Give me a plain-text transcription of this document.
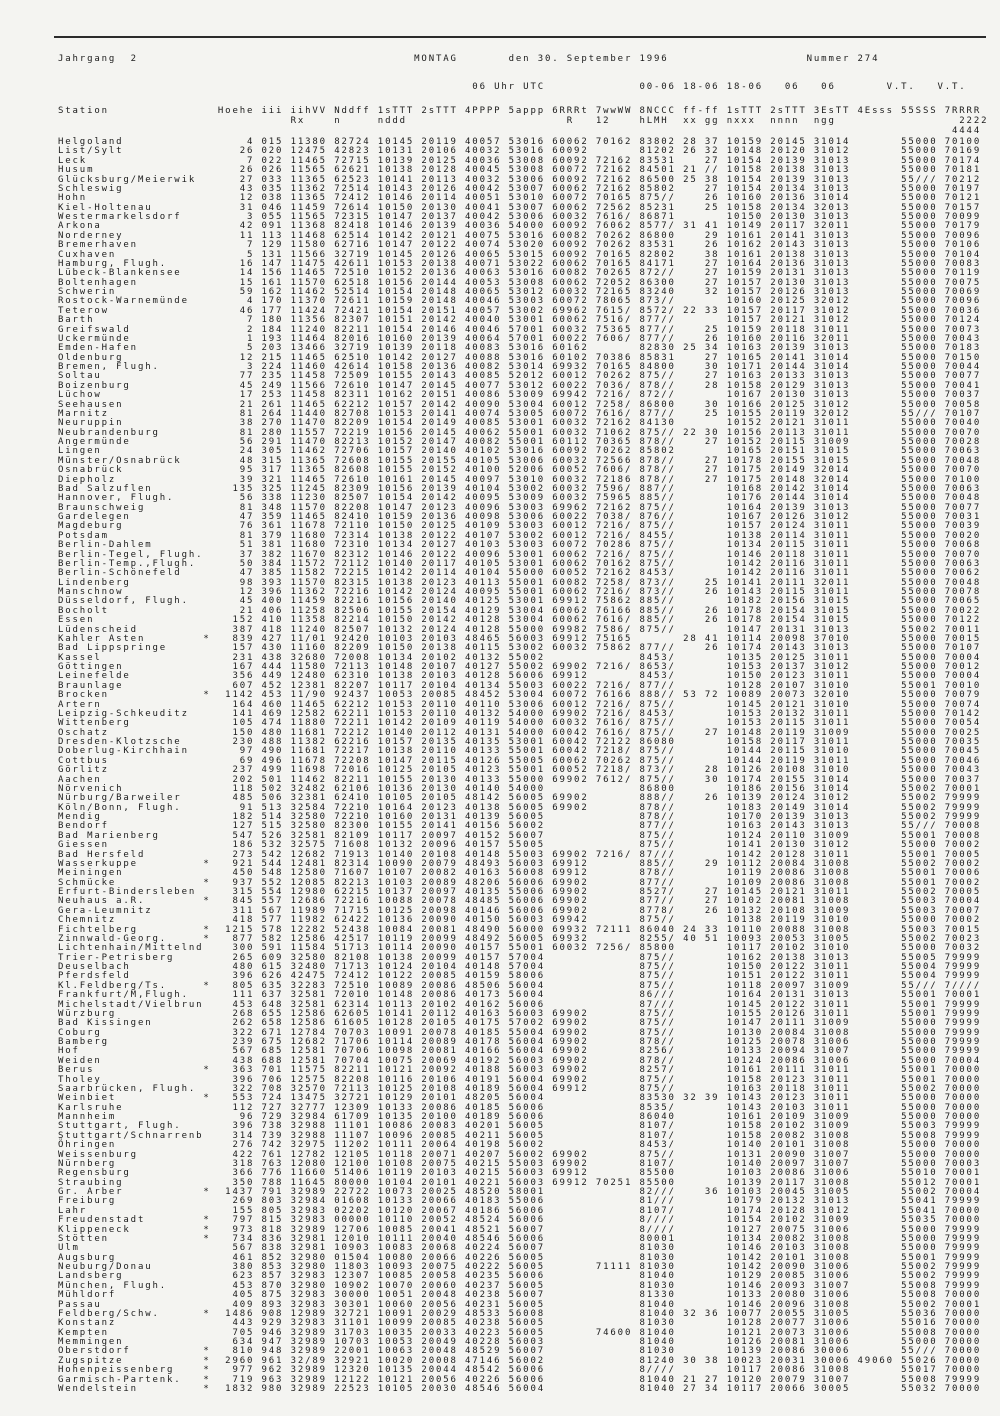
Jahrgang  2                                      MONTAG       den 30. September 1996                   Nummer 274
06 Uhr UTC             00-06 18-06 18-06   06   06       V.T.   V.T.
Station               Hoehe iii iihVV Nddff 1sTTT 2sTTT 4PPPP 5appp 6RRRt 7wwWW 8NCCC ff-ff 1sTTT 2sTTT 3EsTT 4Esss 55SSS 7RRRR
Rx    n     nddd                      R   12    hLMH  xx gg nxxx  nnnn  ngg                 2222
4444
Helgoland                 4 015 11380 82724 10145 20119 40057 53016 60062 70162 83802 28 37 10159 20145 31014       55000 70100
List/Sylt                26 020 12475 42823 10131 20106 40032 53016 60092       81202 26 32 10148 20120 31012       55000 70169
Leck                      7 022 11465 72715 10139 20125 40036 53008 60092 72162 83531    27 10154 20139 31013       55000 70174
Husum                    26 026 11565 62621 10138 20128 40045 53008 60072 72162 84501 21 // 10158 20138 31013       55000 70181
Glücksburg/Meierwik      27 033 11365 62523 10141 20113 40032 53006 60092 72162 86500 25 38 10154 20139 31013       55/// 70212
Schleswig                43 035 11362 72514 10143 20126 40042 53007 60062 72162 85802    27 10154 20134 31013       55000 70197
Hohn                     12 038 11365 72412 10146 20114 40051 53010 60072 70165 875//    26 10160 20136 31014       55000 70121
Kiel-Holtenau            31 046 11459 72614 10150 20130 40041 53007 60062 72562 85231    25 10158 20134 32013       55000 70157
Westermarkelsdorf         3 055 11565 72315 10147 20137 40042 53006 60032 7616/ 86871       10150 20130 31013       55000 70099
Arkona                   42 091 11368 82418 10146 20139 40036 54000 60092 76062 8577/ 31 41 10149 20117 32011       55000 70179
Norderney                11 113 11468 62514 10142 20121 40075 53016 60082 70262 86800    29 10161 20141 31013       55000 70096
Bremerhaven               7 129 11580 62716 10147 20122 40074 53020 60092 70262 83531    26 10162 20143 31013       55000 70106
Cuxhaven                  5 131 11566 32719 10145 20126 40065 53015 60092 70165 82802    38 10161 20138 31013       55000 70104
Hamburg, Flugh.          16 147 11475 42611 10153 20138 40071 53022 60062 70165 84171    27 10164 20136 31013       55000 70083
Lübeck-Blankensee        14 156 11465 72510 10152 20136 40063 53016 60082 70265 872//    27 10159 20131 31013       55000 70119
Boltenhagen              15 161 11570 62518 10156 20144 40053 53008 60062 72052 86300    27 10157 20130 31013       55000 70075
Schwerin                 59 162 11462 52514 10154 20148 40065 53012 60032 72165 83240    32 10157 20126 31013       55000 70069
Rostock-Warnemünde        4 170 11370 72611 10159 20148 40046 53003 60072 78065 873//       10160 20125 32012       55000 70096
Teterow                  46 177 11424 72421 10154 20151 40057 53002 69962 7615/ 8572/ 22 33 10157 20117 31012       55000 70036
Barth                     7 180 11356 82307 10151 20142 40040 53001 60062 7516/ 877//       10157 20121 31012       55000 70124
Greifswald                2 184 11240 82211 10154 20146 40046 57001 60032 75365 877//    25 10159 20118 31011       55000 70073
Uckermünde                1 193 11464 82016 10160 20139 40064 57001 60022 7606/ 877//    26 10160 20116 32011       55000 70043
Emden-Hafen               5 203 13466 32719 10139 20118 40083 53016 60162       82830 25 34 10163 20139 31013       55000 70183
Oldenburg                12 215 11465 62510 10142 20127 40088 53016 60102 70386 85831    27 10165 20141 31014       55000 70150
Bremen, Flugh.            3 224 11460 42614 10158 20136 40082 53014 69932 70165 84800    30 10171 20144 31014       55000 70044
Soltau                   77 235 11458 72509 10155 20143 40085 52012 60012 70262 875//    27 10163 20133 31013       55000 70077
Boizenburg               45 249 11566 72610 10147 20145 40077 53012 60022 7036/ 878//    28 10158 20129 31013       55000 70041
Lüchow                   17 253 11458 82311 10162 20151 40086 53009 69942 7216/ 872//       10167 20130 31013       55000 70037
Seehausen                21 261 11465 62212 10157 20142 40090 53004 60012 7258/ 86800    30 10166 20125 31012       55000 70058
Marnitz                  81 264 11440 82708 10153 20141 40074 53005 60072 7616/ 877//    25 10155 20119 32012       55/// 70107
Neuruppin                38 270 11470 82209 10154 20149 40085 53001 60032 72162 84130       10152 20121 31011       55000 70040
Neubrandenburg           81 280 11557 72219 10156 20145 40062 55001 60032 71062 875// 22 30 10156 20113 31011       55000 70070
Angermünde               56 291 11470 82213 10152 20147 40082 55001 60112 70365 878//    27 10152 20115 31009       55000 70028
Lingen                   24 305 11462 72706 10157 20140 40102 53016 60092 70262 85802       10165 20151 31015       55000 70063
Münster/Osnabrück        48 315 11365 72608 10155 20155 40105 53006 60032 72566 878//    27 10178 20155 31015       55000 70048
Osnabrück                95 317 11365 82608 10155 20152 40100 52006 60052 7606/ 878//    27 10175 20149 32014       55000 70070
Diepholz                 39 321 11465 72610 10161 20145 40097 53010 60032 72186 878//    27 10175 20148 32014       55000 70100
Bad Salzuflen           135 325 11245 82309 10156 20139 40104 53002 60032 7596/ 887//       10168 20142 31014       55000 70063
Hannover, Flugh.         56 338 11230 82507 10154 20142 40095 53009 60032 75965 885//       10176 20144 31014       55000 70048
Braunschweig             81 348 11570 82208 10147 20123 40096 53003 69962 72162 875//       10164 20139 31013       55000 70077
Gardelegen               47 359 11465 82410 10159 20136 40098 53006 60022 7038/ 876//       10167 20126 31012       55000 70031
Magdeburg                76 361 11678 72110 10150 20125 40109 53003 60012 7216/ 875//       10157 20124 31011       55000 70039
Potsdam                  81 379 11680 72314 10138 20122 40107 53002 60012 7216/ 8455/       10138 20114 31011       55000 70020
Berlin-Dahlem            51 381 11680 72310 10134 20127 40103 53003 60072 70286 875//       10134 20115 31011       55000 70068
Berlin-Tegel, Flugh.     37 382 11670 82312 10146 20122 40096 53001 60062 7216/ 875//       10146 20118 31011       55000 70070
Berlin-Temp.,Flugh.      50 384 11572 72112 10140 20117 40105 53001 60062 70162 875//       10142 20116 31011       55000 70063
Berlin-Schönefeld        47 385 11582 72215 10142 20114 40104 55000 60052 72162 8453/       10142 20116 31011       55000 70062
Lindenberg               98 393 11570 82315 10138 20123 40113 55001 60082 7258/ 873//    25 10141 20111 32011       55000 70048
Manschnow                12 396 11362 72216 10142 20124 40095 55001 60062 7216/ 873//    26 10143 20115 31011       55000 70078
Düsseldorf, Flugh.       45 400 11459 82216 10156 20140 40125 53001 69912 75862 885//       10182 20156 31015       55000 70065
Bocholt                  21 406 11258 82506 10155 20154 40129 53004 60062 76166 885//    26 10178 20154 31015       55000 70022
Essen                   152 410 11358 82214 10150 20142 40128 53004 60062 7616/ 885//    26 10178 20154 31015       55000 70122
Lüdenscheid             387 418 11240 82507 10132 20124 40128 55000 69982 7586/ 875//       10147 20131 31013       55002 70011
Kahler Asten        *   839 427 11/01 92420 10103 20103 48465 56003 69912 75165       28 41 10114 20098 37010       55000 70015
Bad Lippspringe         157 430 11160 82209 10150 20138 40115 53002 60032 75862 877//    26 10174 20143 31013       55000 70107
Kassel                  231 438 32680 72008 10134 20102 40132 55002             8453/       10135 20125 31011       55000 70004
Göttingen               167 444 11580 72113 10148 20107 40127 55002 69902 7216/ 8653/       10153 20137 31012       55000 70012
Leinefelde              356 449 12480 62310 10138 20103 40128 56006 69912       8453/       10150 20123 31011       55000 70004
Braunlage               607 452 12381 82207 10117 20104 40134 55003 60022 7216/ 877//       10128 20107 31010       55001 70010
Brocken             *  1142 453 11/90 92437 10053 20085 48452 53004 60072 76166 888// 53 72 10089 20073 32010       55000 70079
Artern                  164 460 11465 62212 10153 20110 40110 53006 60012 7216/ 875//       10145 20121 31010       55000 70074
Leipzig-Schkeuditz      141 469 12582 62211 10153 20110 40132 54000 69902 7216/ 8453/       10153 20132 31011       55000 70142
Wittenberg              105 474 11880 72211 10142 20109 40119 54000 60032 7616/ 875//       10153 20115 31011       55000 70054
Oschatz                 150 480 11681 72212 10140 20112 40131 54000 60042 7616/ 875//    27 10148 20119 31009       55000 70025
Dresden-Klotzsche       230 488 11382 62216 10157 20135 40135 53001 60042 72122 86080       10158 20117 31011       55000 70035
Doberlug-Kirchhain       97 490 11681 72217 10138 20110 40133 55001 60042 7218/ 875//       10144 20115 31010       55000 70045
Cottbus                  69 496 11678 72208 10147 20115 40126 55005 60062 70262 875//       10144 20119 31011       55000 70046
Görlitz                 237 499 11698 72016 10125 20105 40123 55001 60052 7218/ 873//    28 10126 20108 31010       55000 70043
Aachen                  202 501 11462 82211 10155 20130 40133 55000 69902 7612/ 875//    30 10174 20155 31014       55000 70037
Nörvenich               118 502 32482 62106 10136 20130 40140 54000             86800       10186 20156 31014       55002 70001
Nürburg/Barweiler       485 506 32381 62410 10105 20105 48142 56005 69902       888//    26 10139 20124 31012       55002 79999
Köln/Bonn, Flugh.        91 513 32584 72210 10164 20123 40138 56005 69902       878//       10183 20149 31014       55002 79999
Mendig                  182 514 32580 72210 10160 20131 40139 56005             878//       10170 20139 31013       55002 79999
Bendorf                 127 515 32580 82300 10155 20141 40156 56002             877//       10163 20143 31013       55/// 70008
Bad Marienberg          547 526 32581 82109 10117 20097 40152 56007             875//       10124 20110 31009       55001 70008
Giessen                 186 532 32575 71608 10132 20096 40157 55005             875//       10141 20130 31012       55000 70002
Bad Hersfeld            273 542 12682 71913 10140 20108 40148 55003 69902 7216/ 87///       10142 20128 31011       55001 70005
Wasserkuppe         *   921 544 12481 82314 10090 20079 48493 56003 69912       885//    29 10112 20084 31008       55002 70002
Meiningen               450 548 12580 71607 10107 20082 40163 56008 69912       878//       10119 20086 31008       55001 70006
Schmücke            *   937 552 12085 82213 10103 20089 48206 56006 69902       877//       10109 20086 31008       55001 70002
Erfurt-Bindersleben     315 554 12980 62215 10137 20097 40135 55006 69902       8527/    27 10145 20121 31011       55002 70005
Neuhaus a.R.        *   845 557 12686 72216 10088 20078 48485 56006 69902       877//    27 10102 20081 31008       55003 70004
Gera-Leumnitz           311 567 11989 71715 10125 20098 40146 56006 69902       8778/    26 10132 20108 31009       55003 70007
Chemnitz                418 577 11982 62422 10136 20090 40150 56003 69942       875//       10138 20119 31010       55000 70002
Fichtelberg         *  1215 578 12282 52438 10084 20081 48490 56000 69932 72111 86040 24 33 10110 20088 31008       55003 70015
Zinnwald-Georg.     *   877 582 12586 42517 10119 20099 48492 56005 69932       8255/ 40 51 10093 20053 31005       55002 70023
Lichtenhain/Mittelnd    300 591 11584 51713 10114 20090 40157 55001 60032 7256/ 85800       10117 20102 31010       55000 70032
Trier-Petrisberg        265 609 32580 82108 10138 20099 40157 57004             875//       10162 20138 31013       55005 79999
Deuselbach              480 615 32480 71713 10124 20104 40148 57004             875//       10150 20122 31011       55004 79999
Pferdsfeld              396 626 42475 72412 10122 20085 40159 58006             875//       10151 20122 31011       55004 79999
Kl.Feldberg/Ts.     *   805 635 32283 72510 10089 20086 48506 56004             875//       10118 20097 31009       55/// 7////
Frankfurt/M,Flugh.      111 637 32581 72010 10148 20086 40173 56004             86///       10164 20131 31013       55001 70001
Michelstadt/Vielbrun    453 648 32581 62314 10113 20102 40162 56006             87///       10145 20122 31011       55001 79999
Würzburg                268 655 12586 62605 10141 20112 40163 56003 69902       875//       10155 20126 31011       55001 79999
Bad Kissingen           262 658 12586 61605 10128 20105 40175 57002 69902       875//       10147 20111 31009       55000 79999
Coburg                  322 671 12784 70703 10091 20078 40185 55004 69902       875//       10130 20084 31008       55000 79999
Bamberg                 239 675 12682 71706 10114 20089 40178 56004 69902       878//       10125 20078 31006       55000 79999
Hof                     567 685 12581 70706 10098 20081 40166 56004 69902       8256/       10133 20094 31007       55000 79999
Weiden                  438 688 12581 70704 10075 20069 40192 56003 69902       878//       10124 20086 31006       55000 70004
Berus               *   363 701 11575 82211 10121 20092 40188 56003 69902       8257/       10161 20111 31011       55001 70000
Tholey                  396 706 12575 82208 10116 20106 40191 56004 69902       875//       10158 20123 31011       55001 70000
Saarbrücken, Flugh.     322 708 32570 72113 10125 20108 40189 56004 69912       875//       10163 20118 31011       55002 70000
Weinbiet            *   553 724 13475 32721 10129 20101 48205 56004             83530 32 39 10143 20123 31011       55000 70000
Karlsruhe               112 727 32777 12309 10133 20086 40185 56006             8535/       10143 20103 31011       55000 70000
Mannheim                 96 729 32984 61709 10135 20100 40189 56006             86040       10161 20109 31009       55000 70000
Stuttgart, Flugh.       396 738 32988 11101 10086 20083 40201 56005             8107/       10158 20102 31009       55003 79999
Stuttgart/Schnarrenb    314 739 32988 11107 10096 20085 40211 56005             8107/       10158 20082 31008       55008 79999
Öhringen                276 742 32975 11202 10111 20064 40198 56002             8453/       10140 20101 31008       55000 70000
Weissenburg             422 761 12782 12105 10118 20071 40207 56002 69902       875//       10131 20090 31007       55000 70000
Nürnberg                318 763 12080 12100 10108 20075 40215 55003 69902       8107/       10140 20097 31007       55000 70003
Regensburg              366 776 11660 51406 10119 20103 40215 56003 69912       85500       10103 20086 31006       55010 70001
Straubing               350 788 11645 80000 10104 20101 40221 56003 69912 70251 85500       10139 20117 31008       55012 70001
Gr. Arber           *  1437 791 32989 22722 10073 20025 48520 58001             82///    36 10103 20045 31005       55002 70004
Freiburg                269 803 32984 01608 10133 20066 40183 55006             81///       10179 20132 31013       55041 79999
Lahr                    155 805 32983 02202 10120 20067 40186 56006             8107/       10174 20128 31012       55041 70000
Freudenstadt        *   797 815 32983 00000 10110 20052 48524 56006             8////       10154 20102 31009       55035 70000
Klippeneck          *   973 818 32989 12706 10085 20041 48521 56007             8////       10127 20075 31006       55000 79999
Stötten             *   734 836 32981 12010 10111 20040 48546 56006             80001       10134 20082 31008       55000 79999
Ulm                     567 838 32981 10903 10083 20068 40224 56007             81030       10146 20103 31008       55000 79999
Augsburg                461 852 32980 01504 10080 20066 40226 56005             81030       10142 20101 31008       55001 79999
Neuburg/Donau           380 853 32980 11803 10093 20075 40222 56005       71111 81030       10142 20090 31006       55002 79999
Landsberg               623 857 32983 12307 10085 20058 40235 56006             81040       10129 20085 31006       55002 79999
München, Flugh.         453 870 32980 10902 10070 20060 40237 56005             81030       10146 20093 31007       55008 79999
Mühldorf                405 875 32983 30000 10051 20048 40238 56007             81330       10133 20080 31006       55008 70000
Passau                  409 893 32983 30301 10060 20056 40231 56005             81040       10146 20096 31008       55002 70001
Feldberg/Schw.      *  1486 908 12989 32721 10091 20029 48533 56008             81040 32 36 10077 20055 31005       55036 70000
Konstanz                443 929 32983 31101 10099 20085 40238 56005             81030       10128 20077 31006       55016 70000
Kempten                 705 946 32989 31703 10035 20033 40223 56005       74600 81040       10121 20073 31006       55008 70000
Memmingen               634 947 32989 10703 10053 20049 40228 56003             81040       10126 20081 31006       55000 70000
Oberstdorf          *   810 948 32989 22001 10063 20048 48529 56007             81030       10139 20086 30006       55/// 70000
Zugspitze           *  2960 961 32/89 32921 10020 20008 47146 56002             81240 30 38 10023 20031 30006 49060 55026 70000
Hohenpeissenberg    *   977 962 32989 12320 10135 20044 48542 56006             8////       10117 20086 31008       55017 70000
Garmisch-Partenk.   *   719 963 32989 12122 10121 20056 40226 56006             81040 21 27 10120 20079 31007       55008 79999
Wendelstein         *  1832 980 32989 22523 10105 20030 48546 56004             81040 27 34 10117 20066 30005       55032 70000
